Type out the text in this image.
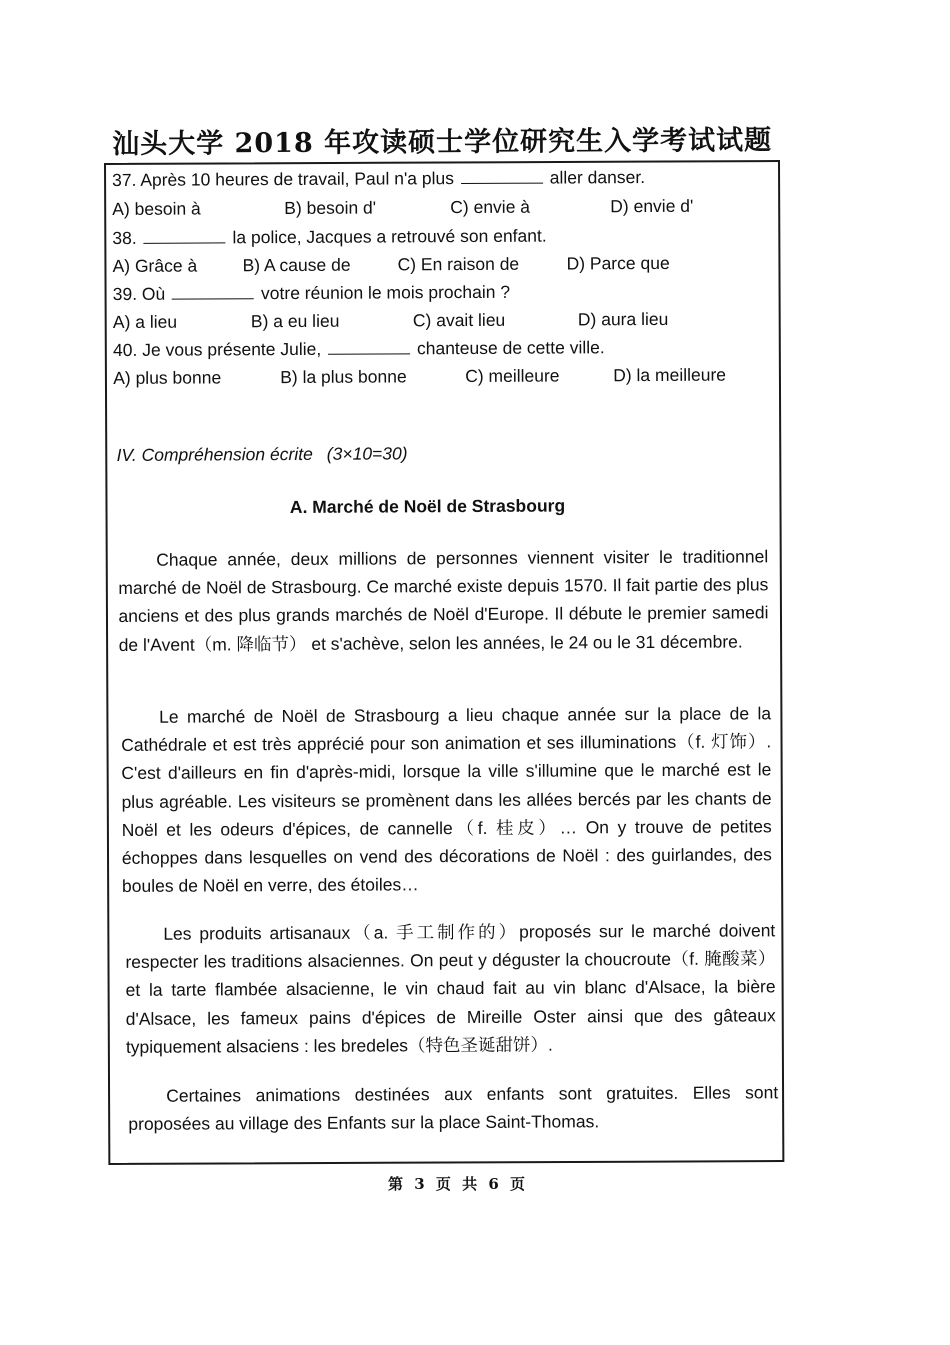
汕头大学 2018 年攻读硕士学位研究生入学考试试题
37. Après 10 heures de travail, Paul n'a plus	aller danser.
A) besoin à	B) besoin d'	C) envie à	D) envie d'
38.	la police, Jacques a retrouvé son enfant.
A) Grâce à	B) A cause de	C) En raison de	D) Parce que
39. Où	votre réunion le mois prochain ?
A) a lieu	B) a eu lieu	C) avait lieu	D) aura lieu
40. Je vous présente Julie,	chanteuse de cette ville.
A) plus bonne	B) la plus bonne	C) meilleure	D) la meilleure
IV. Compréhension écrite (3×10=30)
A. Marché de Noël de Strasbourg
Chaque année, deux millions de personnes viennent visiter le traditionnel marché de Noël de Strasbourg. Ce marché existe depuis 1570. Il fait partie des plus anciens et des plus grands marchés de Noël d'Europe. Il débute le premier samedi de l'Avent（m. 降临节） et s'achève, selon les années, le 24 ou le 31 décembre.
Le marché de Noël de Strasbourg a lieu chaque année sur la place de la Cathédrale et est très apprécié pour son animation et ses illuminations（f. 灯饰）. C'est d'ailleurs en fin d'après-midi, lorsque la ville s'illumine que le marché est le plus agréable. Les visiteurs se promènent dans les allées bercés par les chants de Noël et les odeurs d'épices, de cannelle（f. 桂皮）… On y trouve de petites échoppes dans lesquelles on vend des décorations de Noël : des guirlandes, des boules de Noël en verre, des étoiles…
Les produits artisanaux（a. 手工制作的）proposés sur le marché doivent respecter les traditions alsaciennes. On peut y déguster la choucroute（f. 腌酸菜）et la tarte flambée alsacienne, le vin chaud fait au vin blanc d'Alsace, la bière d'Alsace, les fameux pains d'épices de Mireille Oster ainsi que des gâteaux typiquement alsaciens : les bredeles（特色圣诞甜饼）.
Certaines animations destinées aux enfants sont gratuites. Elles sont proposées au village des Enfants sur la place Saint-Thomas.
第 3 页 共 6 页
